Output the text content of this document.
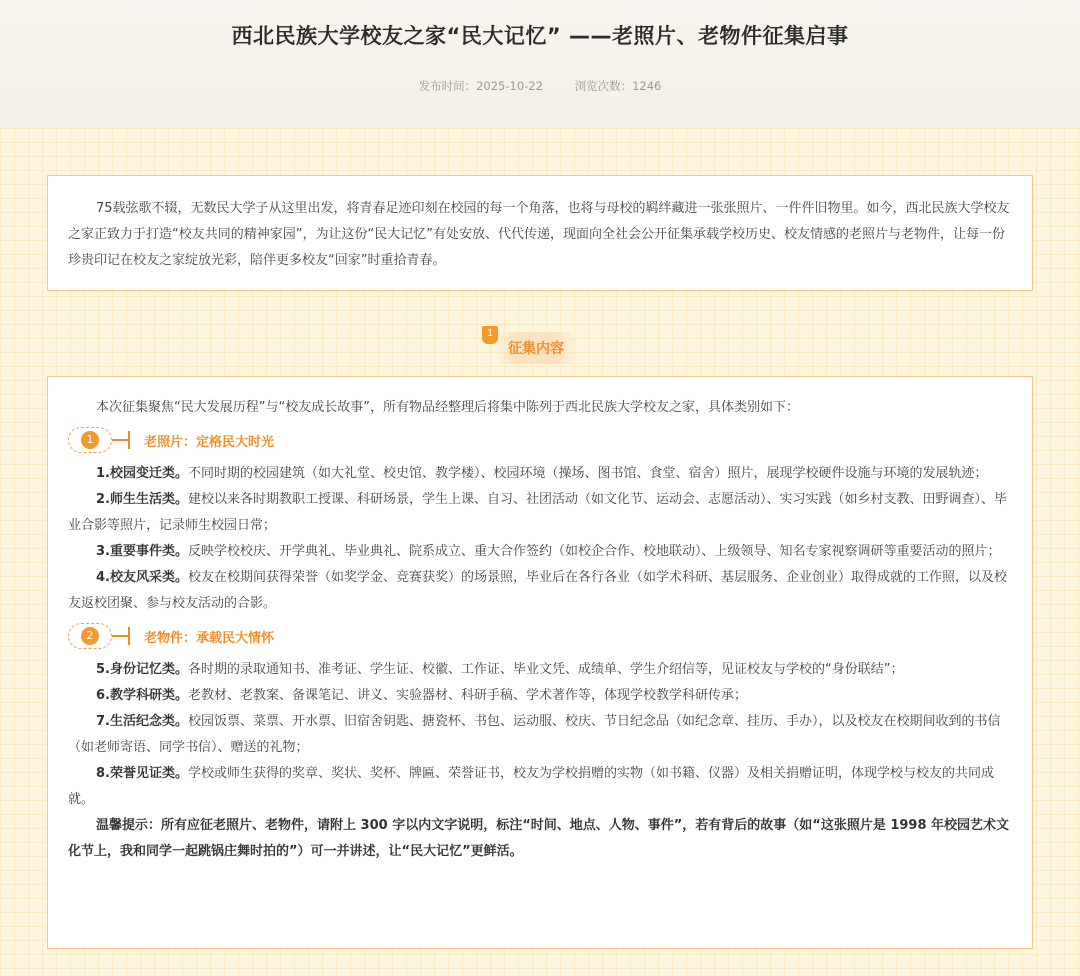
西北民族大学校友之家“民大记忆” ——老照片、老物件征集启事
发布时间：2025-10-22	浏览次数：1246

75载弦歌不辍，无数民大学子从这里出发，将青春足迹印刻在校园的每一个角落，也将与母校的羁绊藏进一张张照片、一件件旧物里。如今，西北民族大学校友之家正致力于打造“校友共同的精神家园”，为让这份“民大记忆”有处安放、代代传递，现面向全社会公开征集承载学校历史、校友情感的老照片与老物件，让每一份珍贵印记在校友之家绽放光彩，陪伴更多校友“回家”时重拾青春。

征集内容
1

本次征集聚焦“民大发展历程”与“校友成长故事”，所有物品经整理后将集中陈列于西北民族大学校友之家，具体类别如下：

1	老照片：定格民大时光

1.校园变迁类。不同时期的校园建筑（如大礼堂、校史馆、教学楼）、校园环境（操场、图书馆、食堂、宿舍）照片，展现学校硬件设施与环境的发展轨迹；

2.师生生活类。建校以来各时期教职工授课、科研场景，学生上课、自习、社团活动（如文化节、运动会、志愿活动）、实习实践（如乡村支教、田野调查）、毕业合影等照片，记录师生校园日常；

3.重要事件类。反映学校校庆、开学典礼、毕业典礼、院系成立、重大合作签约（如校企合作、校地联动）、上级领导、知名专家视察调研等重要活动的照片；

4.校友风采类。校友在校期间获得荣誉（如奖学金、竞赛获奖）的场景照，毕业后在各行各业（如学术科研、基层服务、企业创业）取得成就的工作照，以及校友返校团聚、参与校友活动的合影。

2	老物件：承载民大情怀

5.身份记忆类。各时期的录取通知书、准考证、学生证、校徽、工作证、毕业文凭、成绩单、学生介绍信等，见证校友与学校的“身份联结”；

6.教学科研类。老教材、老教案、备课笔记、讲义、实验器材、科研手稿、学术著作等，体现学校教学科研传承；

7.生活纪念类。校园饭票、菜票、开水票、旧宿舍钥匙、搪瓷杯、书包、运动服、校庆、节日纪念品（如纪念章、挂历、手办），以及校友在校期间收到的书信（如老师寄语、同学书信）、赠送的礼物；

8.荣誉见证类。学校或师生获得的奖章、奖状、奖杯、牌匾、荣誉证书，校友为学校捐赠的实物（如书籍、仪器）及相关捐赠证明，体现学校与校友的共同成就。

温馨提示：所有应征老照片、老物件，请附上 300 字以内文字说明，标注“时间、地点、人物、事件”，若有背后的故事（如“这张照片是 1998 年校园艺术文化节上，我和同学一起跳锅庄舞时拍的”）可一并讲述，让“民大记忆”更鲜活。
